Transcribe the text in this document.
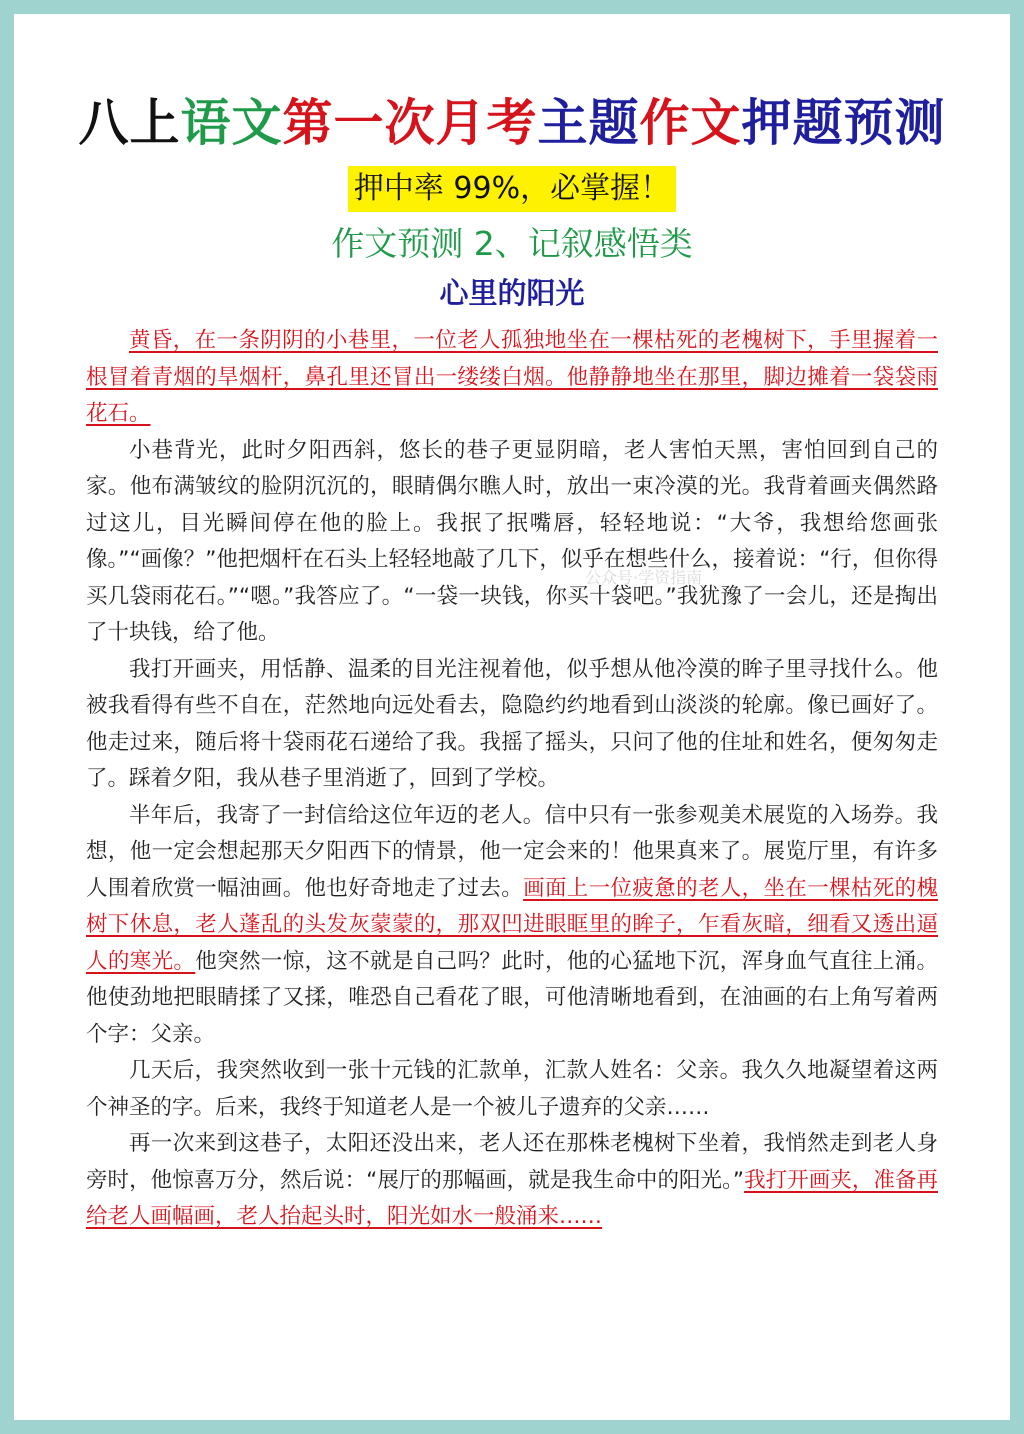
八上语文第一次月考主题作文押题预测
押中率 99%，必掌握！
作文预测 2、记叙感悟类
心里的阳光

黄昏，在一条阴阴的小巷里，一位老人孤独地坐在一棵枯死的老槐树下，手里握着一根冒着青烟的旱烟杆，鼻孔里还冒出一缕缕白烟。他静静地坐在那里，脚边摊着一袋袋雨花石。

小巷背光，此时夕阳西斜，悠长的巷子更显阴暗，老人害怕天黑，害怕回到自己的家。他布满皱纹的脸阴沉沉的，眼睛偶尔瞧人时，放出一束冷漠的光。我背着画夹偶然路过这儿，目光瞬间停在他的脸上。我抿了抿嘴唇，轻轻地说：“大爷，我想给您画张像。”“画像？”他把烟杆在石头上轻轻地敲了几下，似乎在想些什么，接着说：“行，但你得买几袋雨花石。”“嗯。”我答应了。“一袋一块钱，你买十袋吧。”我犹豫了一会儿，还是掏出了十块钱，给了他。

我打开画夹，用恬静、温柔的目光注视着他，似乎想从他冷漠的眸子里寻找什么。他被我看得有些不自在，茫然地向远处看去，隐隐约约地看到山淡淡的轮廓。像已画好了。他走过来，随后将十袋雨花石递给了我。我摇了摇头，只问了他的住址和姓名，便匆匆走了。踩着夕阳，我从巷子里消逝了，回到了学校。

半年后，我寄了一封信给这位年迈的老人。信中只有一张参观美术展览的入场券。我想，他一定会想起那天夕阳西下的情景，他一定会来的！他果真来了。展览厅里，有许多人围着欣赏一幅油画。他也好奇地走了过去。画面上一位疲惫的老人，坐在一棵枯死的槐树下休息，老人蓬乱的头发灰蒙蒙的，那双凹进眼眶里的眸子，乍看灰暗，细看又透出逼人的寒光。他突然一惊，这不就是自己吗？此时，他的心猛地下沉，浑身血气直往上涌。他使劲地把眼睛揉了又揉，唯恐自己看花了眼，可他清晰地看到，在油画的右上角写着两个字：父亲。

几天后，我突然收到一张十元钱的汇款单，汇款人姓名：父亲。我久久地凝望着这两个神圣的字。后来，我终于知道老人是一个被儿子遗弃的父亲……

再一次来到这巷子，太阳还没出来，老人还在那株老槐树下坐着，我悄然走到老人身旁时，他惊喜万分，然后说：“展厅的那幅画，就是我生命中的阳光。”我打开画夹，准备再给老人画幅画，老人抬起头时，阳光如水一般涌来……

公众号·学资指南
